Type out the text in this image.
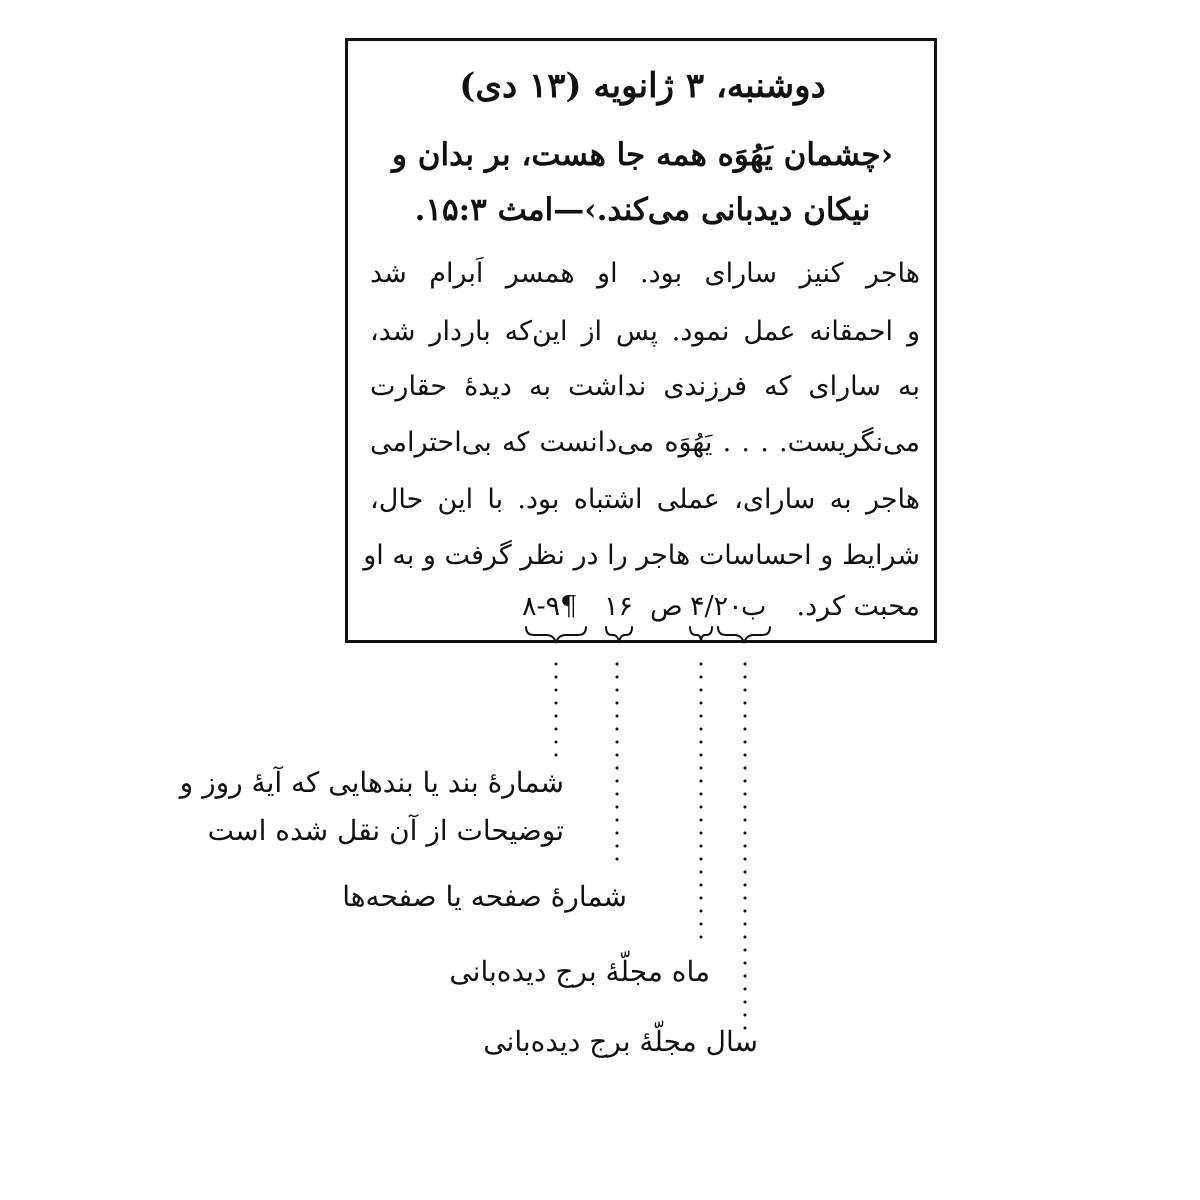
دوشنبه، ۳ ژانویه (۱۳ دی)
‹چشمان یَهُوَه همه جا هست، بر بدان و
نیکان دیدبانی می‌کند.›—امث ۱۵:۳.
هاجر کنیز سارای بود. او همسر اَبرام شد
و احمقانه عمل نمود. پس از این‌که باردار شد،
به سارای که فرزندی نداشت به دیدهٔ حقارت
می‌نگریست. . . . یَهُوَه می‌دانست که بی‌احترامی
هاجر به سارای، عملی اشتباه بود. با این حال،
شرایط و احساسات هاجر را در نظر گرفت و به او
محبت کرد.
ب
۴/۲۰
ص
۱۶
¶۸-۹
شمارهٔ بند یا بندهایی که آیهٔ روز و
توضیحات از آن نقل شده است
شمارهٔ صفحه یا صفحه‌ها
ماه مجلّهٔ برج دیده‌بانی
سال مجلّهٔ برج دیده‌بانی
